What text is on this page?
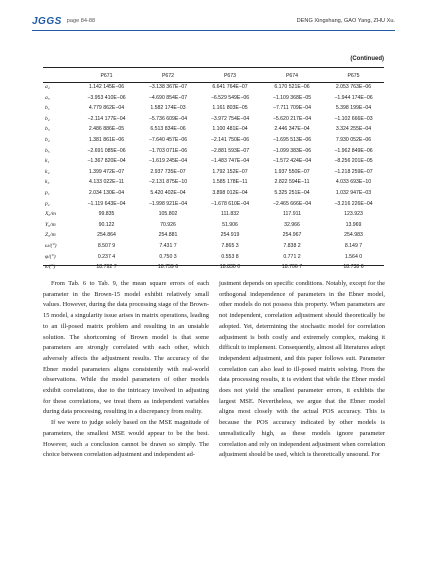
JGGS page 84-88	DENG Xingshang, GAO Yang, ZHU Xu.
(Continued)
	P671	P672	P673	P674	P675
a₄	1.142 145E−06	−3.138 367E−07	6.641 764E−07	6.170 521E−06	2.053 763E−06
a₅	−3.953 410E−06	−4.690 854E−07	−6.529 549E−06	−1.109 368E−05	−1.944 174E−06
b₁	4.779 862E−04	1.582 174E−03	1.161 803E−05	−7.711 709E−04	5.398 199E−04
b₂	−2.114 177E−04	−5.736 609E−04	−3.972 754E−04	−5.620 217E−04	−1.102 666E−03
b₃	2.486 886E−05	6.513 834E−06	1.100 481E−04	2.446 347E−04	3.324 255E−04
b₄	1.381 861E−06	−7.640 457E−06	−2.141 750E−06	−1.695 513E−06	7.930 052E−06
b₅	−2.691 085E−06	−1.703 071E−06	−2.881 593E−07	−1.099 383E−06	−1.962 849E−06
k₁	−1.367 820E−04	−1.619 245E−04	−1.483 747E−04	−1.572 424E−04	−8.256 201E−05
k₂	1.399 472E−07	2.937 735E−07	1.792 152E−07	1.937 550E−07	−1.218 259E−07
k₃	4.133 022E−11	−2.131 875E−10	1.585 178E−11	2.822 594E−11	4.033 693E−10
p₁	2.034 130E−04	5.420 402E−04	3.898 012E−04	5.325 251E−04	1.032 947E−03
p₂	−1.119 643E−04	−1.998 921E−04	−1.678 610E−04	−2.465 666E−04	−3.216 226E−04
X₀/m	99.835	105.802	111.832	117.911	123.923
Y₀/m	90.122	70.926	51.906	32.966	13.969
Z₀/m	254.864	254.881	254.919	254.967	254.983
ω/(°)	8.507 9	7.431 7	7.865 3	7.838 2	8.149 7
φ/(°)	0.237 4	0.750 3	0.553 8	0.771 2	1.564 0
κ/(°)	18.792 7	18.759 6	18.830 0	18.706 7	18.738 6

From Tab. 6 to Tab. 9, the mean square errors of each parameter in the Brown-15 model exhibit relatively small values. However, during the data processing stage of the Brown-15 model, a singularity issue arises in matrix operations, leading to an ill-posed matrix problem and resulting in an unstable solution. The shortcoming of Brown model is that some parameters are strongly correlated with each other, which adversely affects the adjustment results. The accuracy of the Ebner model parameters aligns consistently with real-world observations. While the model parameters of other models exhibit correlations, due to the intricacy involved in adjusting for these correlations, we treat them as independent variables during data processing, resulting in a discrepancy from reality.

If we were to judge solely based on the MSE magnitude of parameters, the smallest MSE would appear to be the best. However, such a conclusion cannot be drawn so simply. The choice between correlation adjustment and independent ad-

justment depends on specific conditions. Notably, except for the orthogonal independence of parameters in the Ebner model, other models do not possess this property. When parameters are not independent, correlation adjustment should theoretically be adopted. Yet, determining the stochastic model for correlation adjustment is both costly and extremely complex, making it difficult to implement. Consequently, almost all literatures adopt independent adjustment, and this paper follows suit. Parameter correlation can also lead to ill-posed matrix solving. From the data processing results, it is evident that while the Ebner model does not yield the smallest parameter errors, it exhibits the largest MSE. Nevertheless, we argue that the Ebner model aligns most closely with the actual POS accuracy. This is because the POS accuracy indicated by other models is unrealistically high, as these models ignore parameter correlation and rely on independent adjustment when correlation adjustment should be used, which is theoretically unsound. For
